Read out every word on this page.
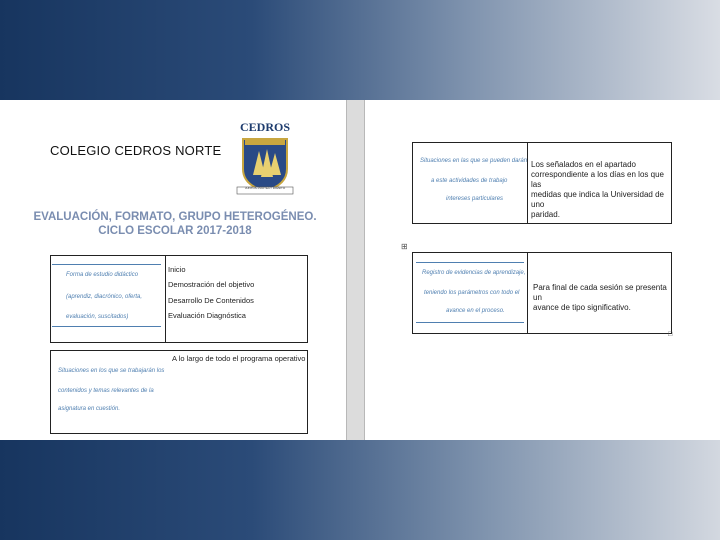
COLEGIO CEDROS NORTE
CEDROS
JUNTOS PROTECT DIGNITO
EVALUACIÓN, FORMATO, GRUPO HETEROGÉNEO.
CICLO ESCOLAR 2017-2018
Forma de estudio didáctico
(aprendiz, diacrónico, oferta,
evaluación, suscitados)
Inicio
Demostración del objetivo
Desarrollo De Contenidos
Evaluación Diagnóstica
A lo largo de todo el programa operativo
Situaciones en los que se trabajarán los
contenidos y temas relevantes de la
asignatura en cuestión.
Situaciones en las que se pueden darán
a este actividades de trabajo
intereses particulares
Los señalados en el apartado
correspondiente a los días en los que las
medidas que indica la Universidad de uno
paridad.
⊞
Registro de evidencias de aprendizaje,
teniendo los parámetros con todo el
avance en el proceso.
Para final de cada sesión se presenta un
avance de tipo significativo.
□
